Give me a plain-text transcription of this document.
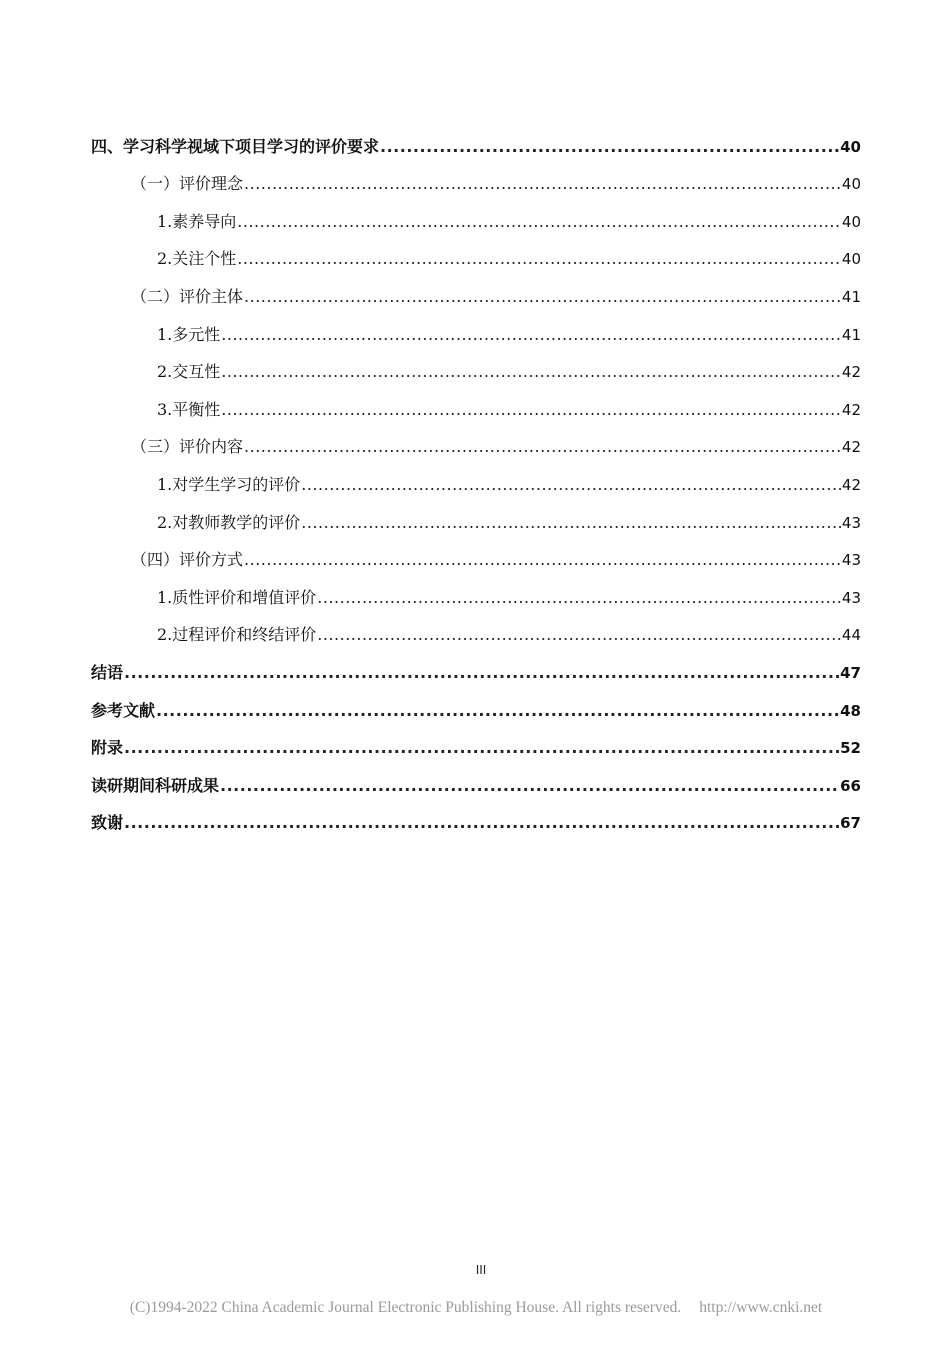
四、学习科学视域下项目学习的评价要求 .....	40
（一）评价理念 .....	40
1.素养导向 .....	40
2.关注个性 .....	40
（二）评价主体 .....	41
1.多元性 .....	41
2.交互性 .....	42
3.平衡性 .....	42
（三）评价内容 .....	42
1.对学生学习的评价 .....	42
2.对教师教学的评价 .....	43
（四）评价方式 .....	43
1.质性评价和增值评价 .....	43
2.过程评价和终结评价 .....	44
结语 .....	47
参考文献 .....	48
附录 .....	52
读研期间科研成果 .....	66
致谢 .....	67
III
(C)1994-2022 China Academic Journal Electronic Publishing House. All rights reserved. http://www.cnki.net
